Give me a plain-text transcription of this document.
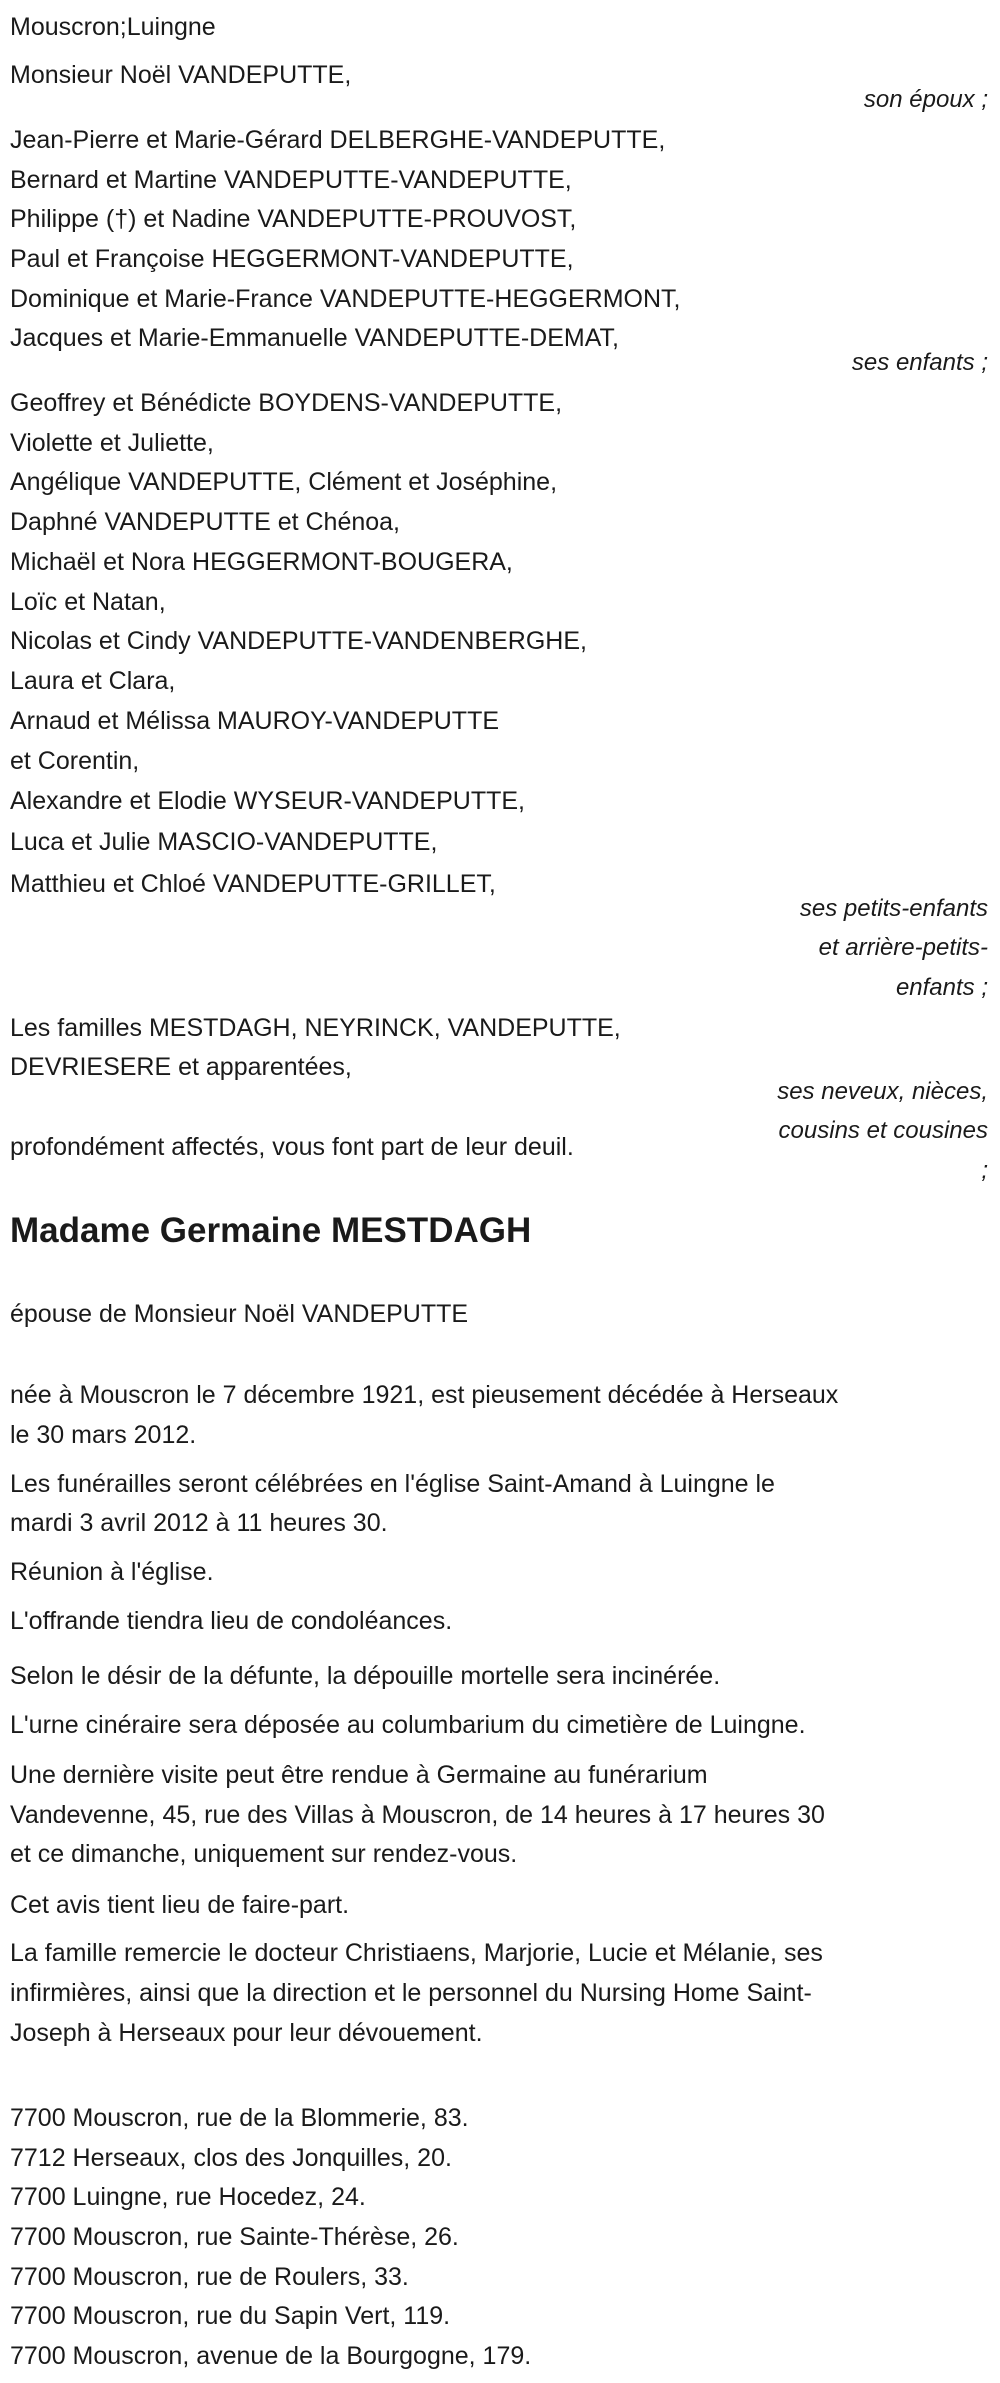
Mouscron;Luingne
Monsieur Noël VANDEPUTTE,
son époux ;
Jean-Pierre et Marie-Gérard DELBERGHE-VANDEPUTTE,
Bernard et Martine VANDEPUTTE-VANDEPUTTE,
Philippe (†) et Nadine VANDEPUTTE-PROUVOST,
Paul et Françoise HEGGERMONT-VANDEPUTTE,
Dominique et Marie-France VANDEPUTTE-HEGGERMONT,
Jacques et Marie-Emmanuelle VANDEPUTTE-DEMAT,
ses enfants ;
Geoffrey et Bénédicte BOYDENS-VANDEPUTTE,
Violette et Juliette,
Angélique VANDEPUTTE, Clément et Joséphine,
Daphné VANDEPUTTE et Chénoa,
Michaël et Nora HEGGERMONT-BOUGERA,
Loïc et Natan,
Nicolas et Cindy VANDEPUTTE-VANDENBERGHE,
Laura et Clara,
Arnaud et Mélissa MAUROY-VANDEPUTTE
et Corentin,
Alexandre et Elodie WYSEUR-VANDEPUTTE,
Luca et Julie MASCIO-VANDEPUTTE,
Matthieu et Chloé VANDEPUTTE-GRILLET,
ses petits-enfants
et arrière-petits-
enfants ;
Les familles MESTDAGH, NEYRINCK, VANDEPUTTE,
DEVRIESERE et apparentées,
ses neveux, nièces,
cousins et cousines
profondément affectés, vous font part de leur deuil.
;
Madame Germaine MESTDAGH
épouse de Monsieur Noël VANDEPUTTE
née à Mouscron le 7 décembre 1921, est pieusement décédée à Herseaux
le 30 mars 2012.
Les funérailles seront célébrées en l'église Saint-Amand à Luingne le
mardi 3 avril 2012 à 11 heures 30.
Réunion à l'église.
L'offrande tiendra lieu de condoléances.
Selon le désir de la défunte, la dépouille mortelle sera incinérée.
L'urne cinéraire sera déposée au columbarium du cimetière de Luingne.
Une dernière visite peut être rendue à Germaine au funérarium
Vandevenne, 45, rue des Villas à Mouscron, de 14 heures à 17 heures 30
et ce dimanche, uniquement sur rendez-vous.
Cet avis tient lieu de faire-part.
La famille remercie le docteur Christiaens, Marjorie, Lucie et Mélanie, ses
infirmières, ainsi que la direction et le personnel du Nursing Home Saint-
Joseph à Herseaux pour leur dévouement.
7700 Mouscron, rue de la Blommerie, 83.
7712 Herseaux, clos des Jonquilles, 20.
7700 Luingne, rue Hocedez, 24.
7700 Mouscron, rue Sainte-Thérèse, 26.
7700 Mouscron, rue de Roulers, 33.
7700 Mouscron, rue du Sapin Vert, 119.
7700 Mouscron, avenue de la Bourgogne, 179.
